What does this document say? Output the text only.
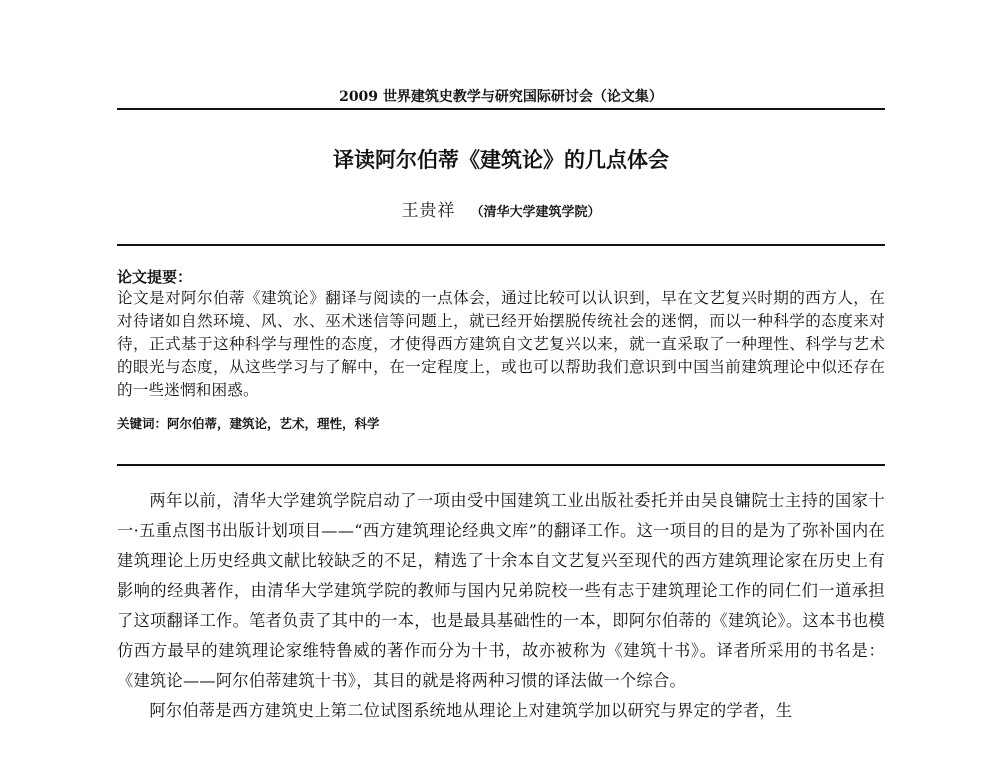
2009 世界建筑史教学与研究国际研讨会（论文集）
译读阿尔伯蒂《建筑论》的几点体会
王贵祥 （清华大学建筑学院）
论文提要：
论文是对阿尔伯蒂《建筑论》翻译与阅读的一点体会，通过比较可以认识到，早在文艺复兴时期的西方人，在对待诸如自然环境、风、水、巫术迷信等问题上，就已经开始摆脱传统社会的迷惘，而以一种科学的态度来对待，正式基于这种科学与理性的态度，才使得西方建筑自文艺复兴以来，就一直采取了一种理性、科学与艺术的眼光与态度，从这些学习与了解中，在一定程度上，或也可以帮助我们意识到中国当前建筑理论中似还存在的一些迷惘和困惑。
关键词：阿尔伯蒂，建筑论，艺术，理性，科学

两年以前，清华大学建筑学院启动了一项由受中国建筑工业出版社委托并由吴良镛院士主持的国家十一·五重点图书出版计划项目——“西方建筑理论经典文库”的翻译工作。这一项目的目的是为了弥补国内在建筑理论上历史经典文献比较缺乏的不足，精选了十余本自文艺复兴至现代的西方建筑理论家在历史上有影响的经典著作，由清华大学建筑学院的教师与国内兄弟院校一些有志于建筑理论工作的同仁们一道承担了这项翻译工作。笔者负责了其中的一本，也是最具基础性的一本，即阿尔伯蒂的《建筑论》。这本书也模仿西方最早的建筑理论家维特鲁威的著作而分为十书，故亦被称为《建筑十书》。译者所采用的书名是：《建筑论——阿尔伯蒂建筑十书》，其目的就是将两种习惯的译法做一个综合。

阿尔伯蒂是西方建筑史上第二位试图系统地从理论上对建筑学加以研究与界定的学者，生
